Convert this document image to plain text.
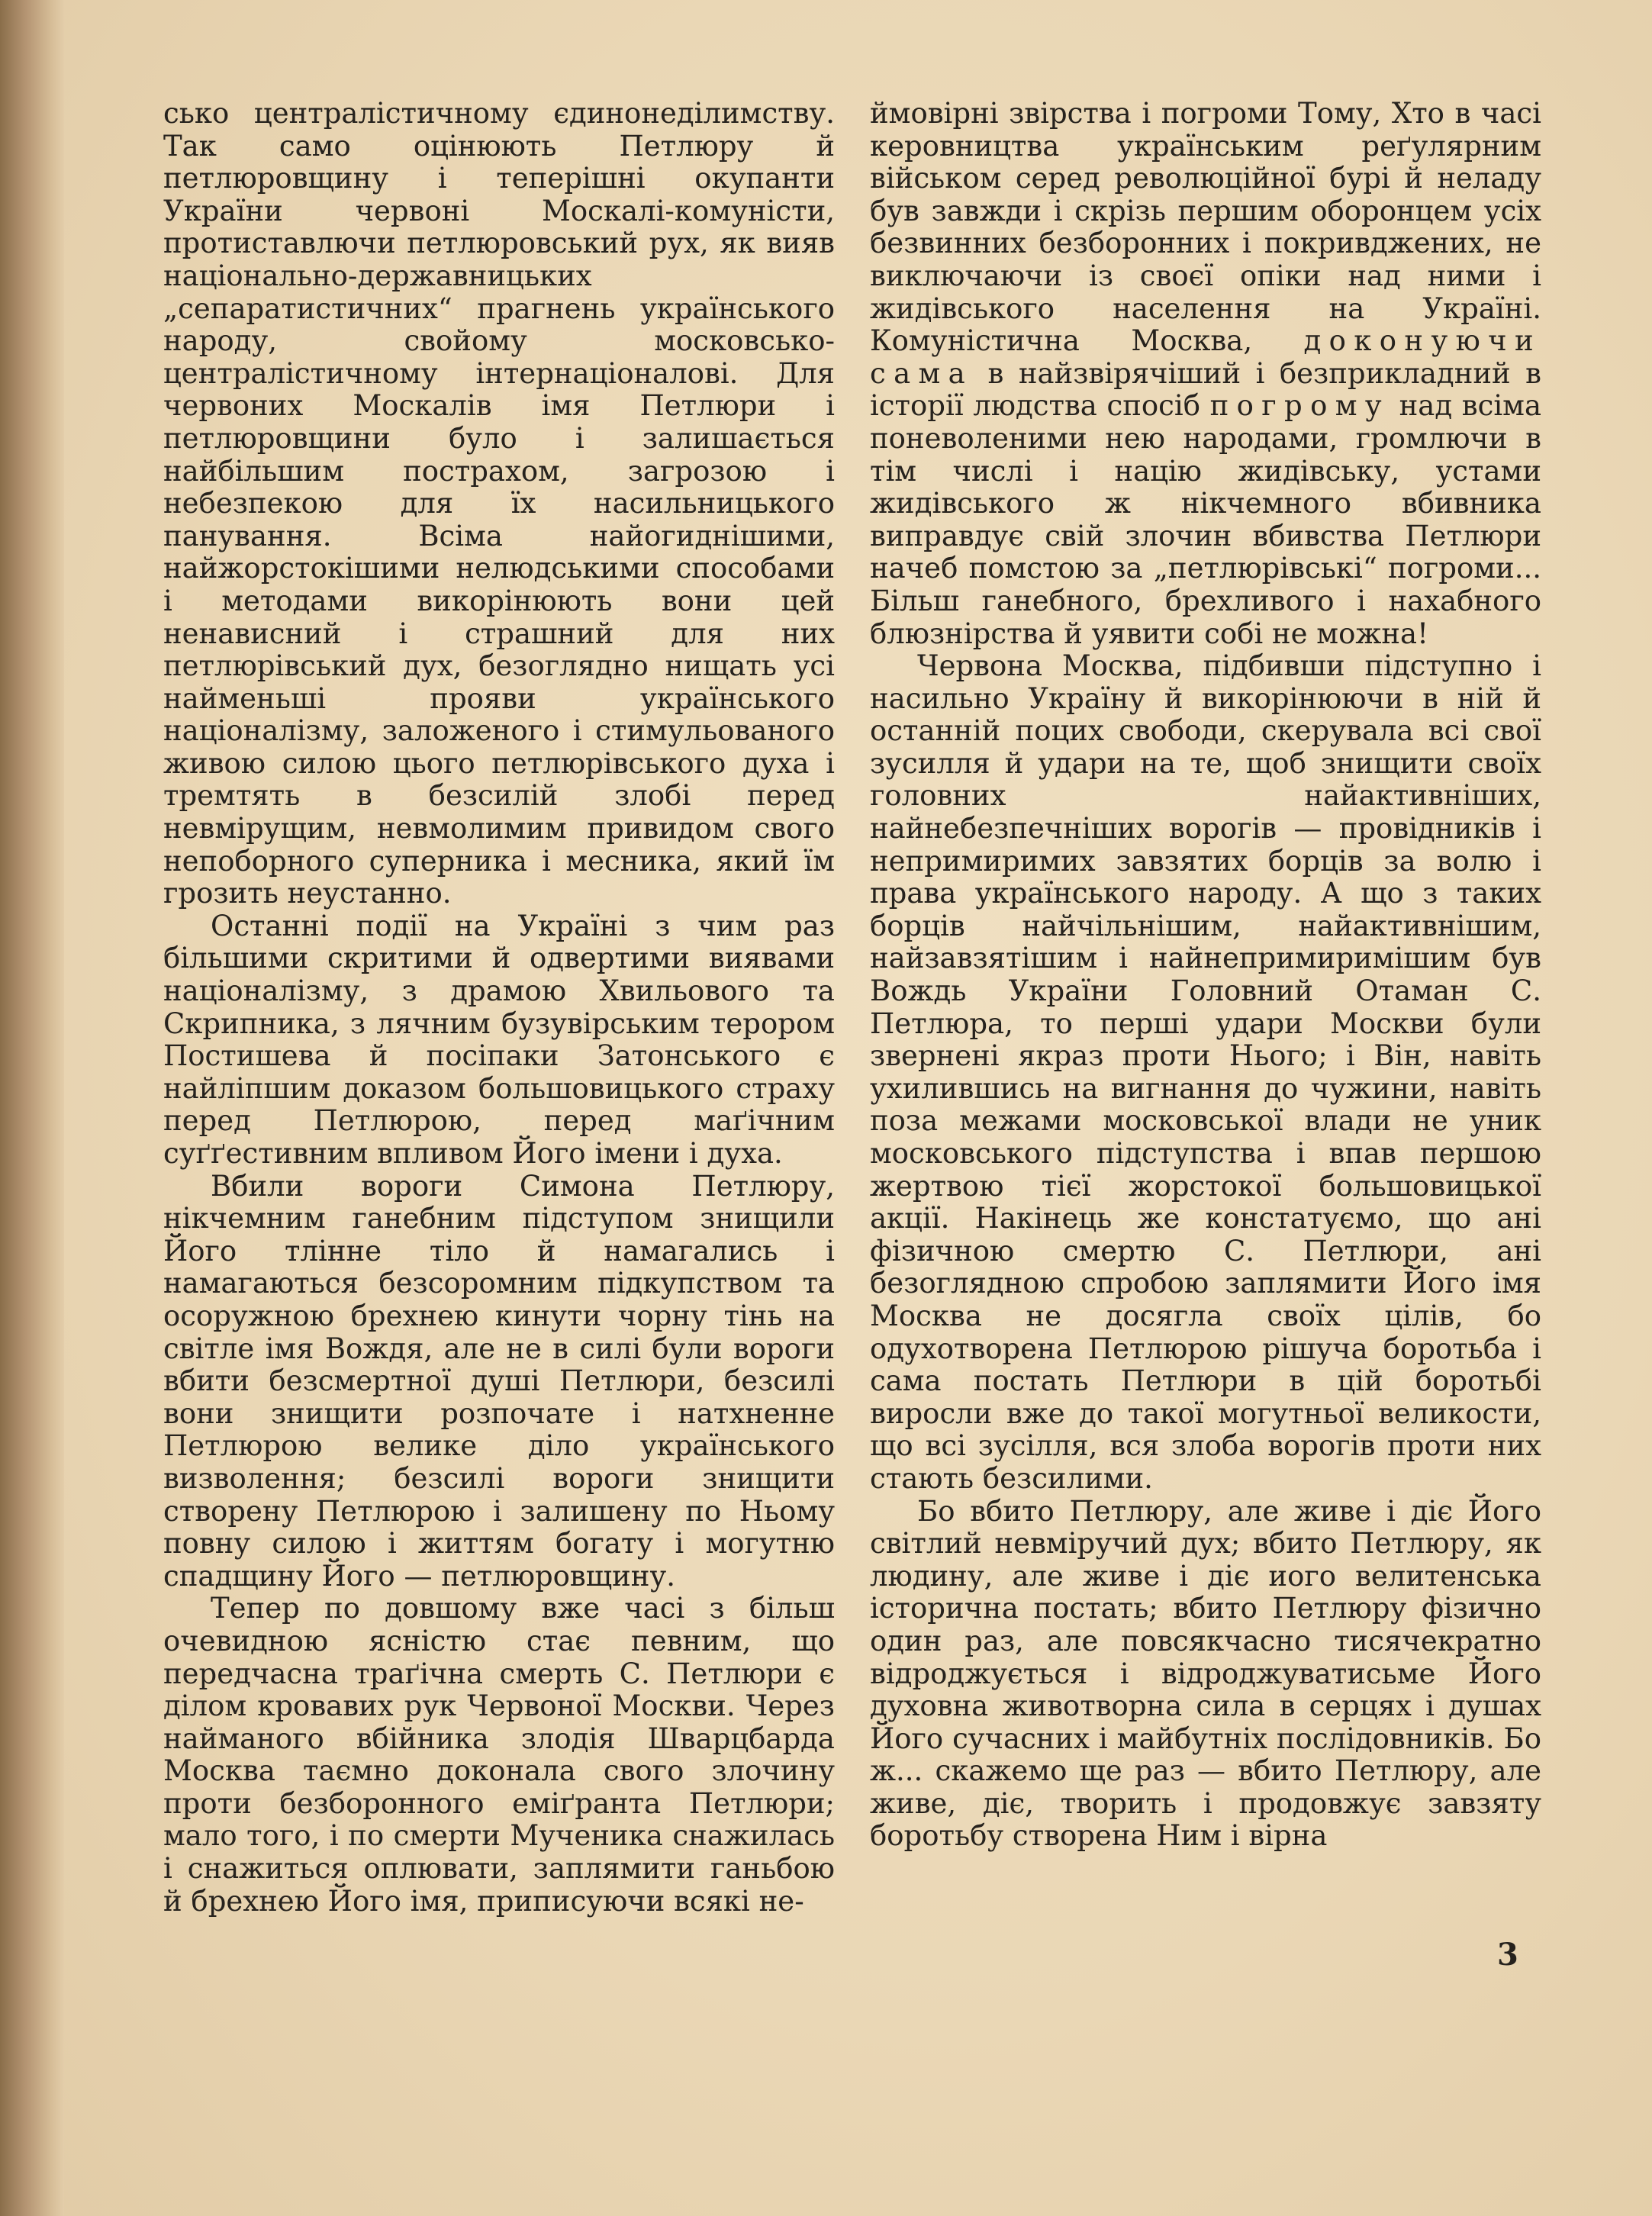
сько централістичному єдинонеділимству. Так само оцінюють Петлюру й петлюровщину і теперішні окупанти України червоні Москалі-комуністи, протиставлючи петлюровський рух, як вияв національно-державницьких „сепаратистичних“ прагнень українського народу, свойому московсько-централістичному інтернаціоналові. Для червоних Москалів імя Петлюри і петлюровщини було і залишається найбільшим пострахом, загрозою і небезпекою для їх насильницького панування. Всіма найогиднішими, найжорстокішими нелюдськими способами і методами викорінюють вони цей ненависний і страшний для них петлюрівський дух, безоглядно нищать усі найменьші прояви українського націоналізму, заложеного і стимульованого живою силою цього петлюрівського духа і тремтять в безсилій злобі перед невмірущим, невмолимим привидом свого непоборного суперника і месника, який їм грозить неустанно.

Останні події на Україні з чим раз більшими скритими й одвертими виявами націоналізму, з драмою Хвильового та Скрипника, з лячним бузувірським терором Постишева й посіпаки Затонського є найліпшим доказом большовицького страху перед Петлюрою, перед маґічним суґґестивним впливом Його імени і духа.

Вбили вороги Симона Петлюру, нікчемним ганебним підступом знищили Його тлінне тіло й намагались і намагаються безсоромним підкупством та осоружною брехнею кинути чорну тінь на світле імя Вождя, але не в силі були вороги вбити безсмертної душі Петлюри, безсилі вони знищити розпочате і натхненне Петлюрою велике діло українського визволення; безсилі вороги знищити створену Петлюрою і залишену по Ньому повну силою і життям богату і могутню спадщину Його — петлюровщину.

Тепер по довшому вже часі з більш очевидною ясністю стає певним, що передчасна траґічна смерть С. Петлюри є ділом кровавих рук Червоної Москви. Через найманого вбійника злодія Шварцбарда Москва таємно доконала свого злочину проти безборонного еміґранта Петлюри; мало того, і по смерти Мученика снажилась і снажиться оплювати, заплямити ганьбою й брехнею Його імя, приписуючи всякі не-

ймовірні звірства і погроми Тому, Хто в часі керовництва українським реґулярним військом серед революційної бурі й неладу був завжди і скрізь першим оборонцем усіх безвинних безборонних і покривджених, не виключаючи із своєї опіки над ними і жидівського населення на Україні. Комуністична Москва, доконуючи сама в найзвірячіший і безприкладний в історії людства спосіб погрому над всіма поневоленими нею народами, громлючи в тім числі і націю жидівську, устами жидівського ж нікчемного вбивника виправдує свій злочин вбивства Петлюри начеб помстою за „петлюрівські“ погроми... Більш ганебного, брехливого і нахабного блюзнірства й уявити собі не можна!

Червона Москва, підбивши підступно і насильно Україну й викорінюючи в ній й останній поцих свободи, скерувала всі свої зусилля й удари на те, щоб знищити своїх головних найактивніших, найнебезпечніших ворогів — провідників і непримиримих завзятих борців за волю і права українського народу. А що з таких борців найчільнішим, найактивнішим, найзавзятішим і найнепримиримішим був Вождь України Головний Отаман С. Петлюра, то перші удари Москви були звернені якраз проти Нього; і Він, навіть ухилившись на вигнання до чужини, навіть поза межами московської влади не уник московського підступства і впав першою жертвою тієї жорстокої большовицької акції. Накінець же констатуємо, що ані фізичною смертю С. Петлюри, ані безоглядною спробою заплямити Його імя Москва не досягла своїх цілів, бо одухотворена Петлюрою рішуча боротьба і сама постать Петлюри в цій боротьбі виросли вже до такої могутньої великости, що всі зусілля, вся злоба ворогів проти них стають безсилими.

Бо вбито Петлюру, але живе і діє Його світлий невміручий дух; вбито Петлюру, як людину, але живе і діє иого велитенська історична постать; вбито Петлюру фізично один раз, але повсякчасно тисячекратно відроджується і відроджуватисьме Його духовна животворна сила в серцях і душах Його сучасних і майбутніх послідовників. Бо ж... скажемо ще раз — вбито Петлюру, але живе, діє, творить і продовжує завзяту боротьбу створена Ним і вірна

3
